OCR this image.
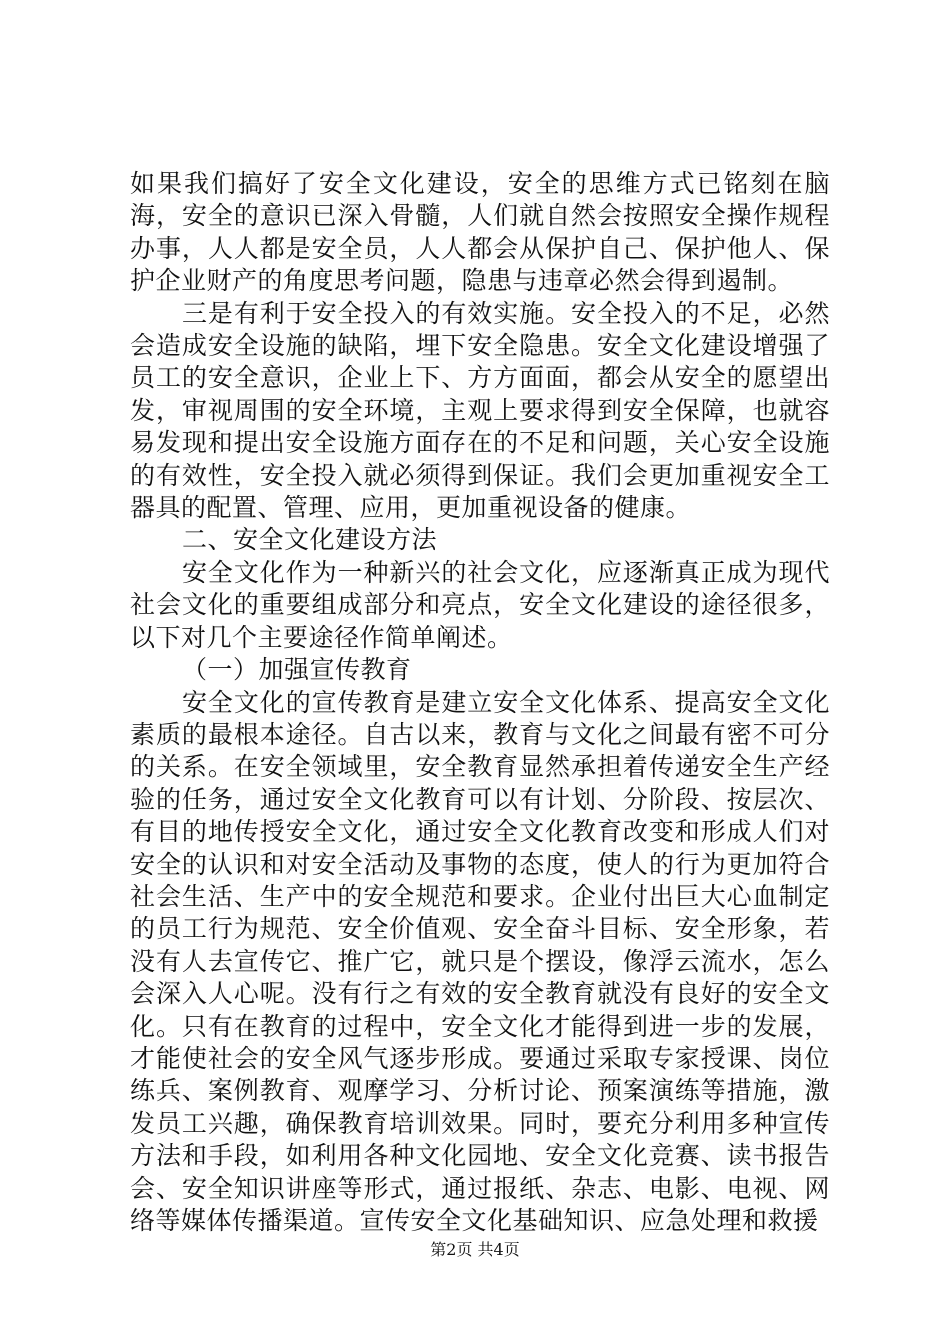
如果我们搞好了安全文化建设，安全的思维方式已铭刻在脑海，安全的意识已深入骨髓，人们就自然会按照安全操作规程办事，人人都是安全员，人人都会从保护自己、保护他人、保护企业财产的角度思考问题，隐患与违章必然会得到遏制。

三是有利于安全投入的有效实施。安全投入的不足，必然会造成安全设施的缺陷，埋下安全隐患。安全文化建设增强了员工的安全意识，企业上下、方方面面，都会从安全的愿望出发，审视周围的安全环境，主观上要求得到安全保障，也就容易发现和提出安全设施方面存在的不足和问题，关心安全设施的有效性，安全投入就必须得到保证。我们会更加重视安全工器具的配置、管理、应用，更加重视设备的健康。

二、安全文化建设方法

安全文化作为一种新兴的社会文化，应逐渐真正成为现代社会文化的重要组成部分和亮点，安全文化建设的途径很多，以下对几个主要途径作简单阐述。

（一）加强宣传教育

安全文化的宣传教育是建立安全文化体系、提高安全文化素质的最根本途径。自古以来，教育与文化之间最有密不可分的关系。在安全领域里，安全教育显然承担着传递安全生产经验的任务，通过安全文化教育可以有计划、分阶段、按层次、有目的地传授安全文化，通过安全文化教育改变和形成人们对安全的认识和对安全活动及事物的态度，使人的行为更加符合社会生活、生产中的安全规范和要求。企业付出巨大心血制定的员工行为规范、安全价值观、安全奋斗目标、安全形象，若没有人去宣传它、推广它，就只是个摆设，像浮云流水，怎么会深入人心呢。没有行之有效的安全教育就没有良好的安全文化。只有在教育的过程中，安全文化才能得到进一步的发展，才能使社会的安全风气逐步形成。要通过采取专家授课、岗位练兵、案例教育、观摩学习、分析讨论、预案演练等措施，激发员工兴趣，确保教育培训效果。同时，要充分利用多种宣传方法和手段，如利用各种文化园地、安全文化竞赛、读书报告会、安全知识讲座等形式，通过报纸、杂志、电影、电视、网络等媒体传播渠道。宣传安全文化基础知识、应急处理和救援

第2页 共4页
